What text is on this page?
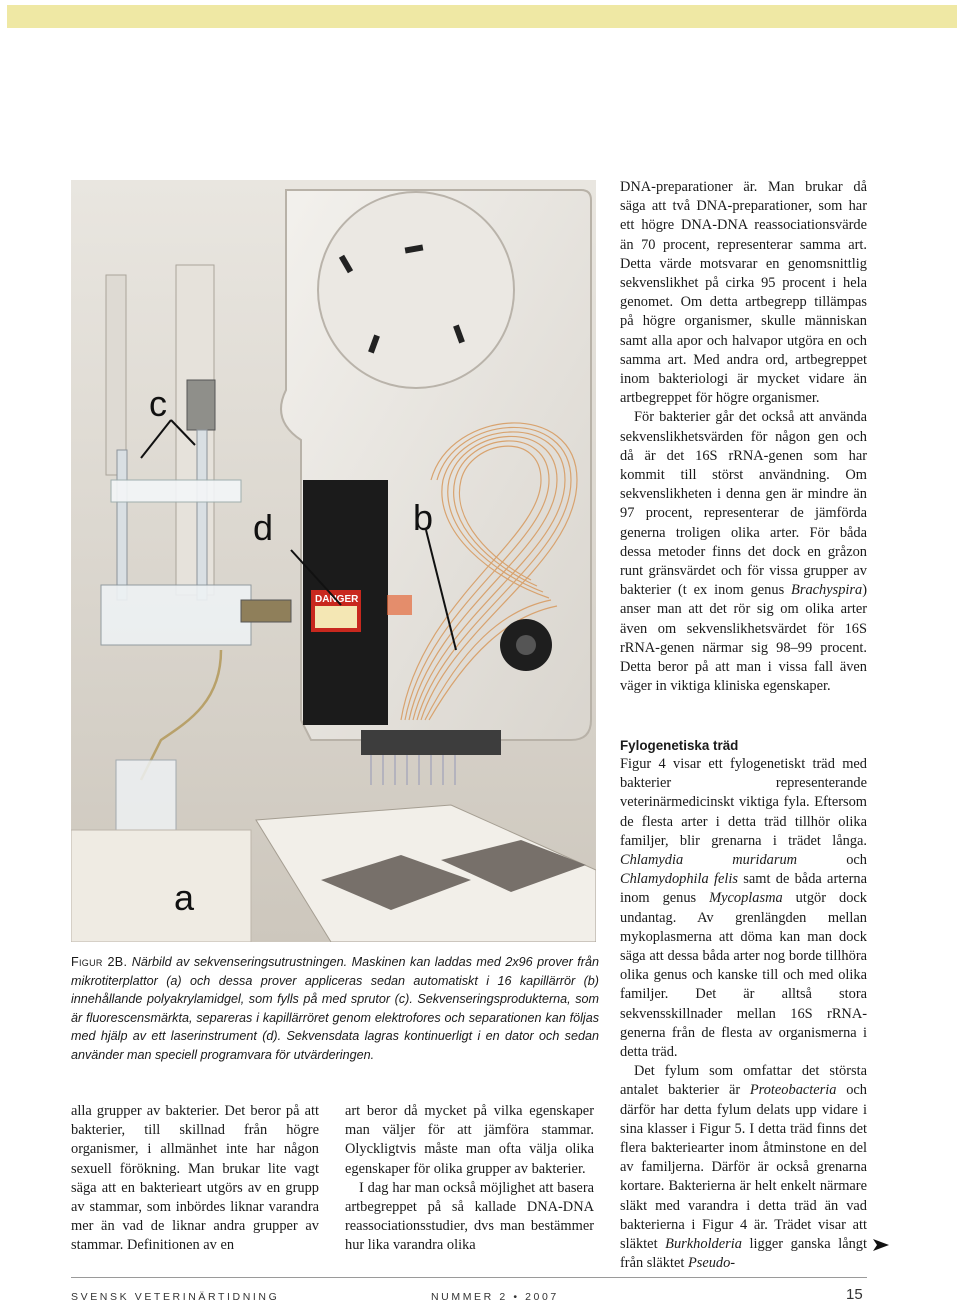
DANGER
c
d	b
a
Figur 2B. Närbild av sekvenseringsutrustningen. Maskinen kan laddas med 2x96 prover från mikrotiterplattor (a) och dessa prover appliceras sedan automatiskt i 16 kapillärrör (b) innehållande polyakrylamidgel, som fylls på med sprutor (c). Sekvenseringsprodukterna, som är fluorescensmärkta, separeras i kapillärröret genom elektrofores och separationen kan följas med hjälp av ett laserinstrument (d). Sekvensdata lagras kontinuerligt i en dator och sedan använder man speciell programvara för utvärderingen.

alla grupper av bakterier. Det beror på att bakterier, till skillnad från högre organismer, i allmänhet inte har någon sexuell förökning. Man brukar lite vagt säga att en bakterieart utgörs av en grupp av stammar, som inbördes liknar varandra mer än vad de liknar andra grupper av stammar. Definitionen av en

art beror då mycket på vilka egenskaper man väljer för att jämföra stammar. Olyckligtvis måste man ofta välja olika egenskaper för olika grupper av bakterier.

I dag har man också möjlighet att basera artbegreppet på så kallade DNA-DNA reassociationsstudier, dvs man bestämmer hur lika varandra olika

DNA-preparationer är. Man brukar då säga att två DNA-preparationer, som har ett högre DNA-DNA reassociationsvärde än 70 procent, representerar samma art. Detta värde motsvarar en genomsnittlig sekvenslikhet på cirka 95 procent i hela genomet. Om detta artbegrepp tillämpas på högre organismer, skulle människan samt alla apor och halvapor utgöra en och samma art. Med andra ord, artbegreppet inom bakteriologi är mycket vidare än artbegreppet för högre organismer.

För bakterier går det också att använda sekvenslikhetsvärden för någon gen och då är det 16S rRNA-genen som har kommit till störst användning. Om sekvenslikheten i denna gen är mindre än 97 procent, representerar de jämförda generna troligen olika arter. För båda dessa metoder finns det dock en gråzon runt gränsvärdet och för vissa grupper av bakterier (t ex inom genus Brachyspira) anser man att det rör sig om olika arter även om sekvenslikhetsvärdet för 16S rRNA-genen närmar sig 98–99 procent. Detta beror på att man i vissa fall även väger in viktiga kliniska egenskaper.

Fylogenetiska träd

Figur 4 visar ett fylogenetiskt träd med bakterier representerande veterinärmedicinskt viktiga fyla. Eftersom de flesta arter i detta träd tillhör olika familjer, blir grenarna i trädet långa. Chlamydia muridarum och Chlamydophila felis samt de båda arterna inom genus Mycoplasma utgör dock undantag. Av grenlängden mellan mykoplasmerna att döma kan man dock säga att dessa båda arter nog borde tillhöra olika genus och kanske till och med olika familjer. Det är alltså stora sekvensskillnader mellan 16S rRNA-generna från de flesta av organismerna i detta träd.

Det fylum som omfattar det största antalet bakterier är Proteobacteria och därför har detta fylum delats upp vidare i sina klasser i Figur 5. I detta träd finns det flera bakteriearter inom åtminstone en del av familjerna. Därför är också grenarna kortare. Bakterierna är helt enkelt närmare släkt med varandra i detta träd än vad bakterierna i Figur 4 är. Trädet visar att släktet Burkholderia ligger ganska långt från släktet Pseudo-

SVENSK VETERINÄRTIDNING	NUMMER 2 • 2007	15
